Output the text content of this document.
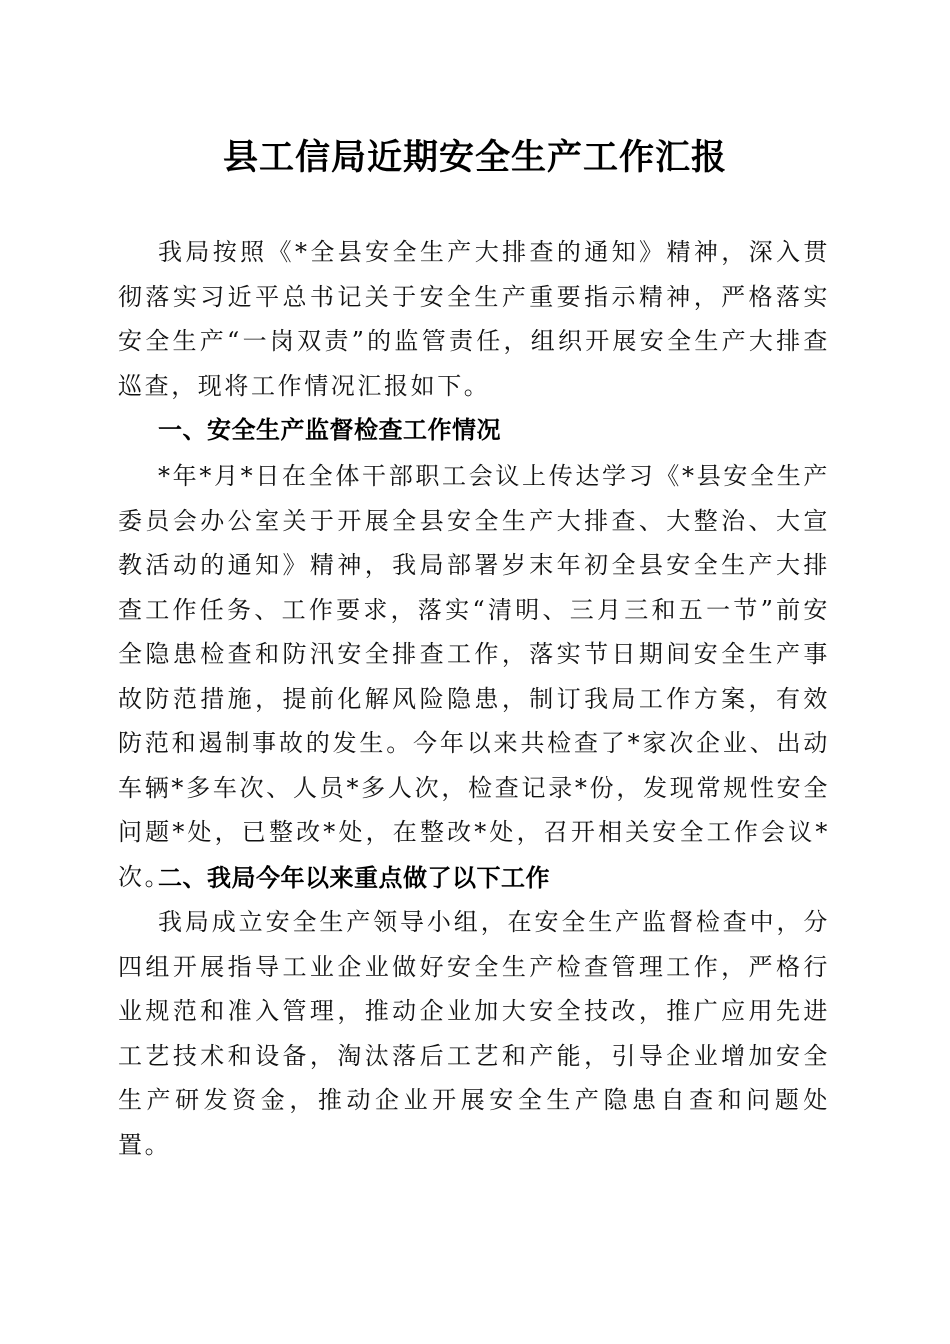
县工信局近期安全生产工作汇报

我局按照《*全县安全生产大排查的通知》精神，深入贯彻落实习近平总书记关于安全生产重要指示精神，严格落实安全生产“一岗双责”的监管责任，组织开展安全生产大排查巡查，现将工作情况汇报如下。

一、安全生产监督检查工作情况

*年*月*日在全体干部职工会议上传达学习《*县安全生产委员会办公室关于开展全县安全生产大排查、大整治、大宣教活动的通知》精神，我局部署岁末年初全县安全生产大排查工作任务、工作要求，落实“清明、三月三和五一节”前安全隐患检查和防汛安全排查工作，落实节日期间安全生产事故防范措施，提前化解风险隐患，制订我局工作方案，有效防范和遏制事故的发生。今年以来共检查了*家次企业、出动车辆*多车次、人员*多人次，检查记录*份，发现常规性安全问题*处，已整改*处，在整改*处，召开相关安全工作会议*次。

二、我局今年以来重点做了以下工作

我局成立安全生产领导小组，在安全生产监督检查中，分四组开展指导工业企业做好安全生产检查管理工作，严格行业规范和准入管理，推动企业加大安全技改，推广应用先进工艺技术和设备，淘汰落后工艺和产能，引导企业增加安全生产研发资金，推动企业开展安全生产隐患自查和问题处置。
